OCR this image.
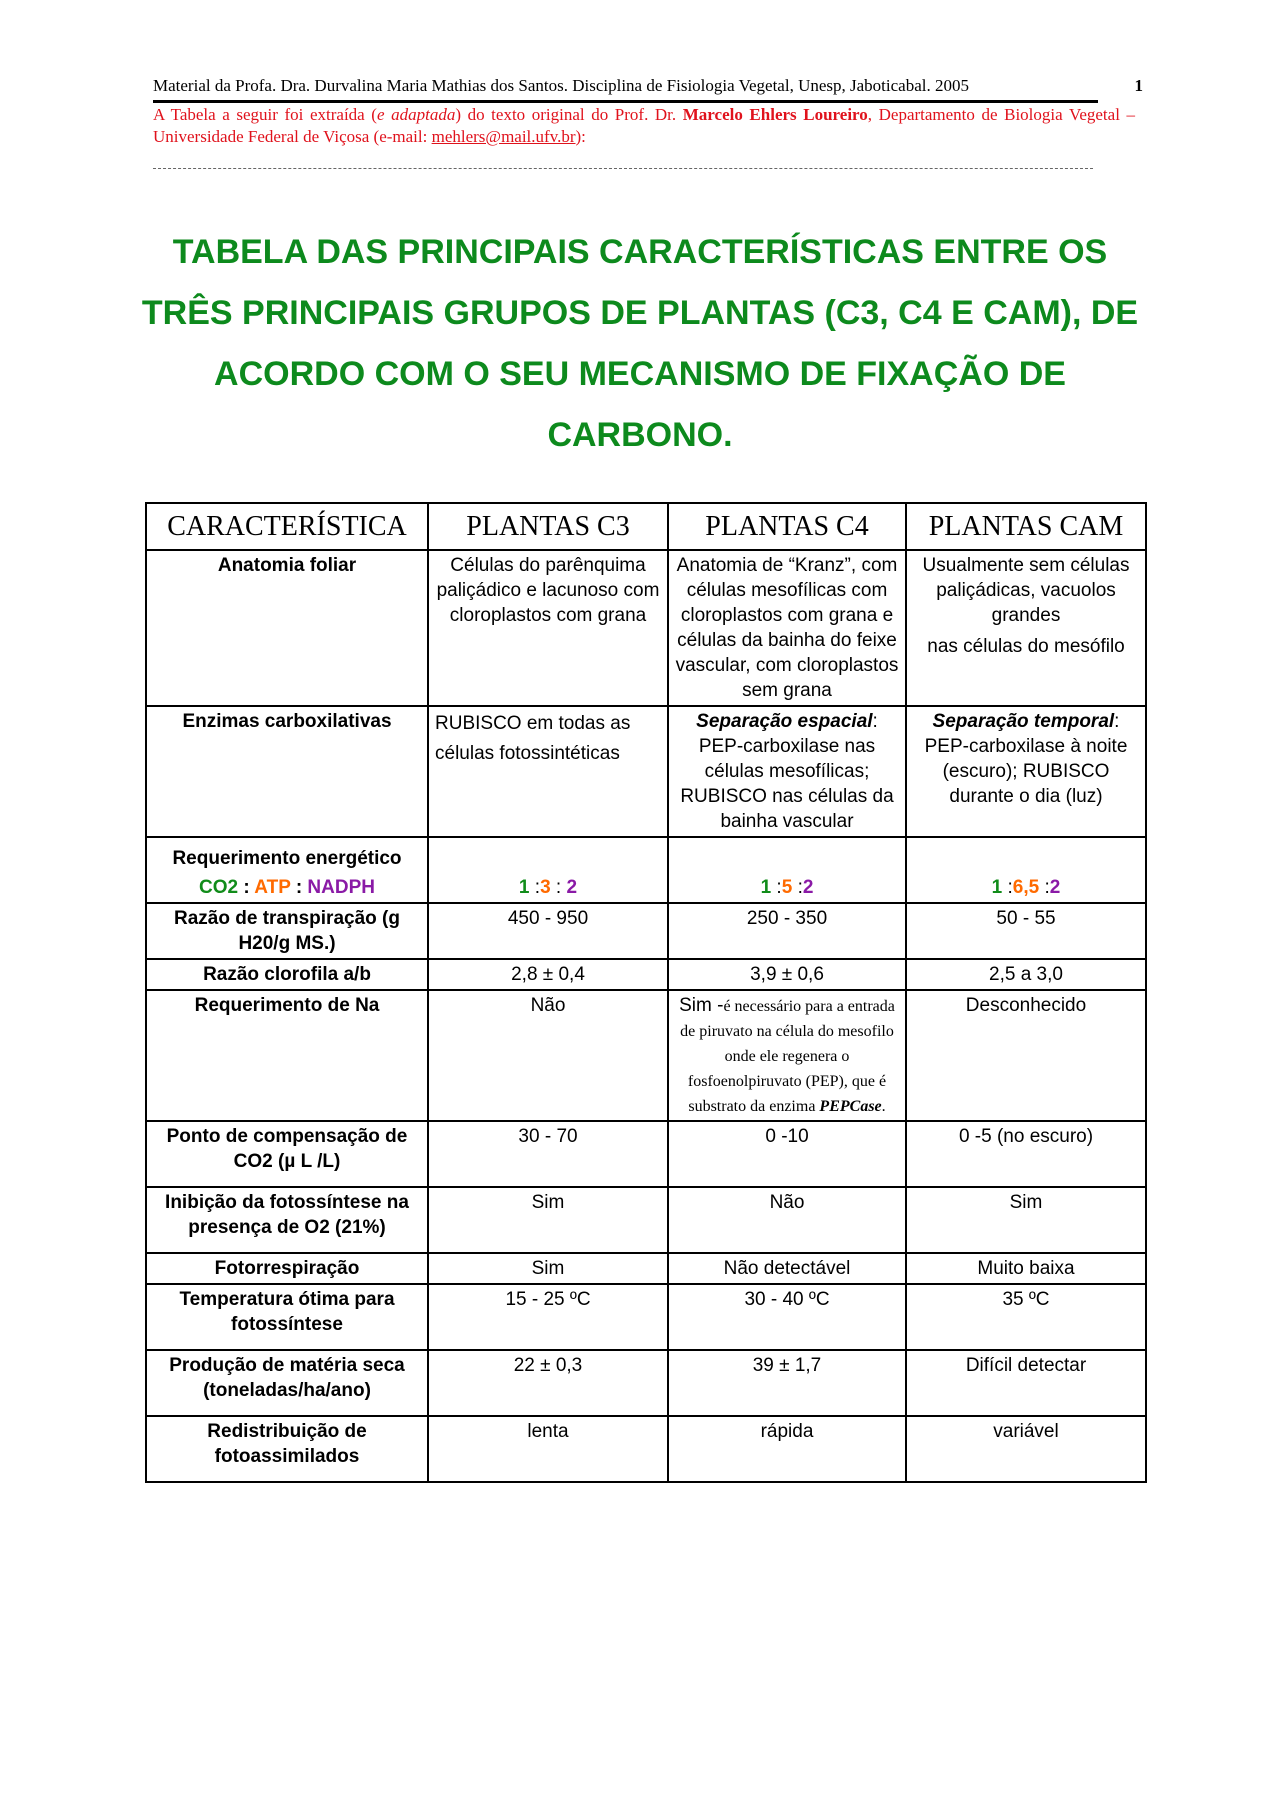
Material da Profa. Dra. Durvalina Maria Mathias dos Santos. Disciplina de Fisiologia Vegetal, Unesp, Jaboticabal. 2005	1
A Tabela a seguir foi extraída (e adaptada) do texto original do Prof. Dr. Marcelo Ehlers Loureiro, Departamento de Biologia Vegetal – Universidade Federal de Viçosa (e-mail: mehlers@mail.ufv.br):
TABELA DAS PRINCIPAIS CARACTERÍSTICAS ENTRE OS TRÊS PRINCIPAIS GRUPOS DE PLANTAS (C3, C4 E CAM), DE ACORDO COM O SEU MECANISMO DE FIXAÇÃO DE CARBONO.
CARACTERÍSTICA	PLANTAS C3	PLANTAS C4	PLANTAS CAM
Anatomia foliar	Células do parênquima paliçádico e lacunoso com cloroplastos com grana	Anatomia de “Kranz”, com células mesofílicas com cloroplastos com grana e células da bainha do feixe vascular, com cloroplastos sem grana	Usualmente sem células paliçádicas, vacuolos grandes
nas células do mesófilo

Enzimas carboxilativas	RUBISCO em todas as células fotossintéticas	Separação espacial: PEP-carboxilase nas células mesofílicas; RUBISCO nas células da bainha vascular	Separação temporal: PEP-carboxilase à noite (escuro); RUBISCO durante o dia (luz)

Requerimento energético
CO2 : ATP : NADPH	1 :3 : 2	1 :5 :2	1 :6,5 :2
Razão de transpiração (g H20/g MS.)	450 - 950	250 - 350	50 - 55
Razão clorofila a/b	2,8 ± 0,4	3,9 ± 0,6	2,5 a 3,0
Requerimento de Na	Não	Sim -é necessário para a entrada de piruvato na célula do mesofilo onde ele regenera o fosfoenolpiruvato (PEP), que é substrato da enzima PEPCase.	Desconhecido
Ponto de compensação de CO2 (µ L /L)	30 - 70	0 -10	0 -5 (no escuro)
Inibição da fotossíntese na presença de O2 (21%)	Sim	Não	Sim
Fotorrespiração	Sim	Não detectável	Muito baixa
Temperatura ótima para fotossíntese	15 - 25 ºC	30 - 40 ºC	35 ºC
Produção de matéria seca (toneladas/ha/ano)	22 ± 0,3	39 ± 1,7	Difícil detectar
Redistribuição de fotoassimilados	lenta	rápida	variável
